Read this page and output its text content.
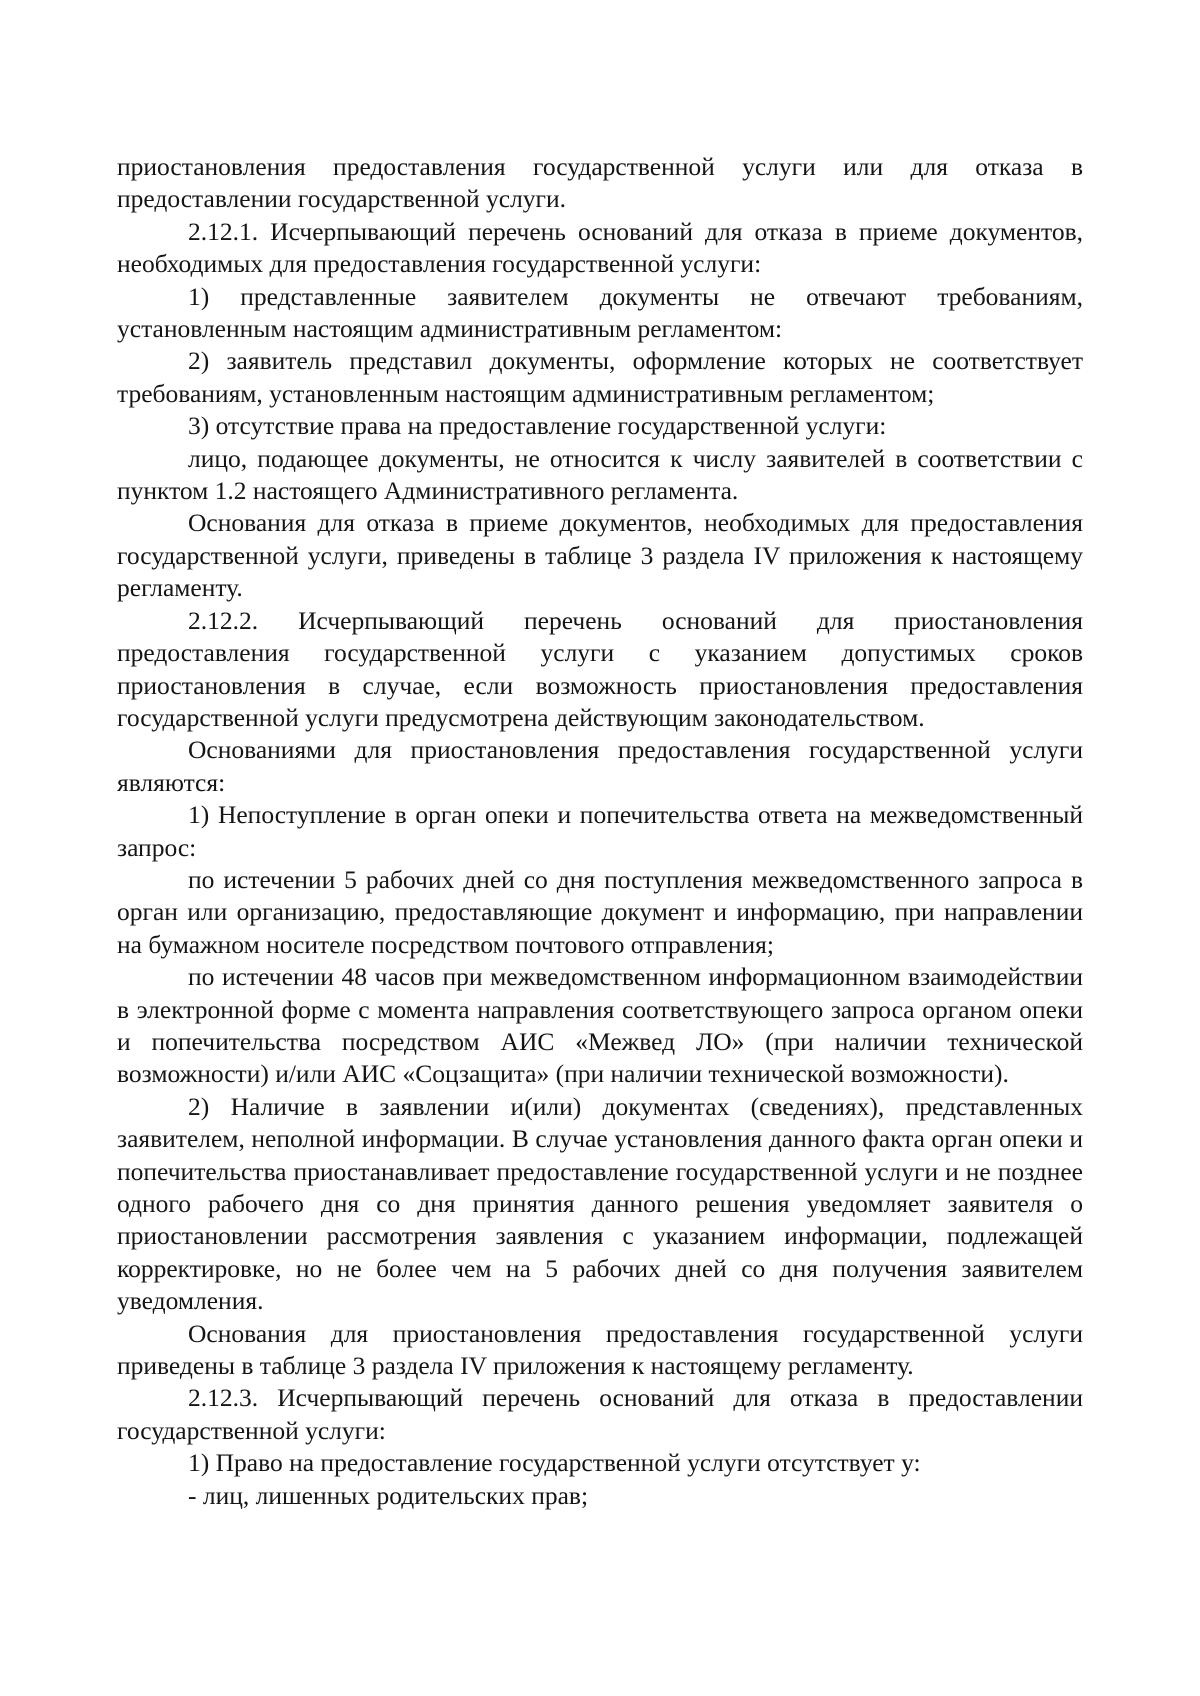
приостановления предоставления государственной услуги или для отказа в предоставлении государственной услуги.

2.12.1. Исчерпывающий перечень оснований для отказа в приеме документов, необходимых для предоставления государственной услуги:

1) представленные заявителем документы не отвечают требованиям, установленным настоящим административным регламентом:

2) заявитель представил документы, оформление которых не соответствует требованиям, установленным настоящим административным регламентом;

3) отсутствие права на предоставление государственной услуги:

лицо, подающее документы, не относится к числу заявителей в соответствии с пунктом 1.2 настоящего Административного регламента.

Основания для отказа в приеме документов, необходимых для предоставления государственной услуги, приведены в таблице 3 раздела IV приложения к настоящему регламенту.

2.12.2. Исчерпывающий перечень оснований для приостановления предоставления государственной услуги с указанием допустимых сроков приостановления в случае, если возможность приостановления предоставления государственной услуги предусмотрена действующим законодательством.

Основаниями для приостановления предоставления государственной услуги являются:

1) Непоступление в орган опеки и попечительства ответа на межведомственный запрос:

по истечении 5 рабочих дней со дня поступления межведомственного запроса в орган или организацию, предоставляющие документ и информацию, при направлении на бумажном носителе посредством почтового отправления;

по истечении 48 часов при межведомственном информационном взаимодействии в электронной форме с момента направления соответствующего запроса органом опеки и попечительства посредством АИС «Межвед ЛО» (при наличии технической возможности) и/или АИС «Соцзащита» (при наличии технической возможности).

2) Наличие в заявлении и(или) документах (сведениях), представленных заявителем, неполной информации. В случае установления данного факта орган опеки и попечительства приостанавливает предоставление государственной услуги и не позднее одного рабочего дня со дня принятия данного решения уведомляет заявителя о приостановлении рассмотрения заявления с указанием информации, подлежащей корректировке, но не более чем на 5 рабочих дней со дня получения заявителем уведомления.

Основания для приостановления предоставления государственной услуги приведены в таблице 3 раздела IV приложения к настоящему регламенту.

2.12.3. Исчерпывающий перечень оснований для отказа в предоставлении государственной услуги:

1) Право на предоставление государственной услуги отсутствует у:

- лиц, лишенных родительских прав;
